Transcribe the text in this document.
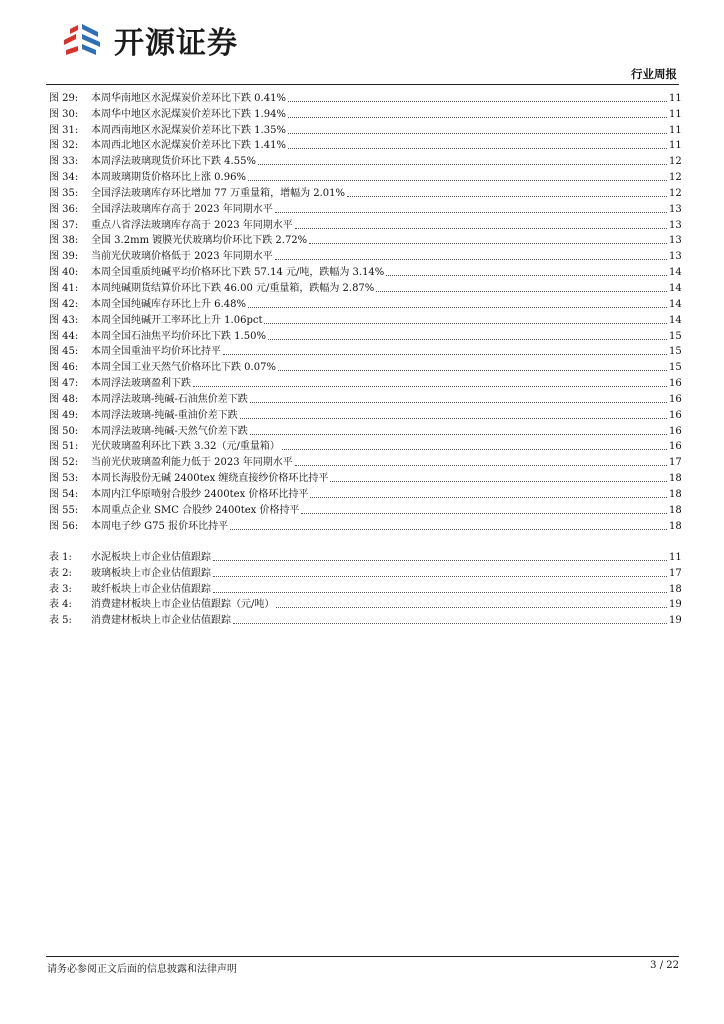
开源证券
行业周报
图 29:	本周华南地区水泥煤炭价差环比下跌 0.41%	11
图 30:	本周华中地区水泥煤炭价差环比下跌 1.94%	11
图 31:	本周西南地区水泥煤炭价差环比下跌 1.35%	11
图 32:	本周西北地区水泥煤炭价差环比下跌 1.41%	11
图 33:	本周浮法玻璃现货价环比下跌 4.55%	12
图 34:	本周玻璃期货价格环比上涨 0.96%	12
图 35:	全国浮法玻璃库存环比增加 77 万重量箱，增幅为 2.01%	12
图 36:	全国浮法玻璃库存高于 2023 年同期水平	13
图 37:	重点八省浮法玻璃库存高于 2023 年同期水平	13
图 38:	全国 3.2mm 镀膜光伏玻璃均价环比下跌 2.72%	13
图 39:	当前光伏玻璃价格低于 2023 年同期水平	13
图 40:	本周全国重质纯碱平均价格环比下跌 57.14 元/吨，跌幅为 3.14%	14
图 41:	本周纯碱期货结算价环比下跌 46.00 元/重量箱，跌幅为 2.87%	14
图 42:	本周全国纯碱库存环比上升 6.48%	14
图 43:	本周全国纯碱开工率环比上升 1.06pct	14
图 44:	本周全国石油焦平均价环比下跌 1.50%	15
图 45:	本周全国重油平均价环比持平	15
图 46:	本周全国工业天然气价格环比下跌 0.07%	15
图 47:	本周浮法玻璃盈利下跌	16
图 48:	本周浮法玻璃-纯碱-石油焦价差下跌	16
图 49:	本周浮法玻璃-纯碱-重油价差下跌	16
图 50:	本周浮法玻璃-纯碱-天然气价差下跌	16
图 51:	光伏玻璃盈利环比下跌 3.32（元/重量箱）	16
图 52:	当前光伏玻璃盈利能力低于 2023 年同期水平	17
图 53:	本周长海股份无碱 2400tex 缠绕直接纱价格环比持平	18
图 54:	本周内江华原喷射合股纱 2400tex 价格环比持平	18
图 55:	本周重点企业 SMC 合股纱 2400tex 价格持平	18
图 56:	本周电子纱 G75 报价环比持平	18
表 1:	水泥板块上市企业估值跟踪	11
表 2:	玻璃板块上市企业估值跟踪	17
表 3:	玻纤板块上市企业估值跟踪	18
表 4:	消费建材板块上市企业估值跟踪（元/吨）	19
表 5:	消费建材板块上市企业估值跟踪	19
请务必参阅正文后面的信息披露和法律声明	3 / 22
